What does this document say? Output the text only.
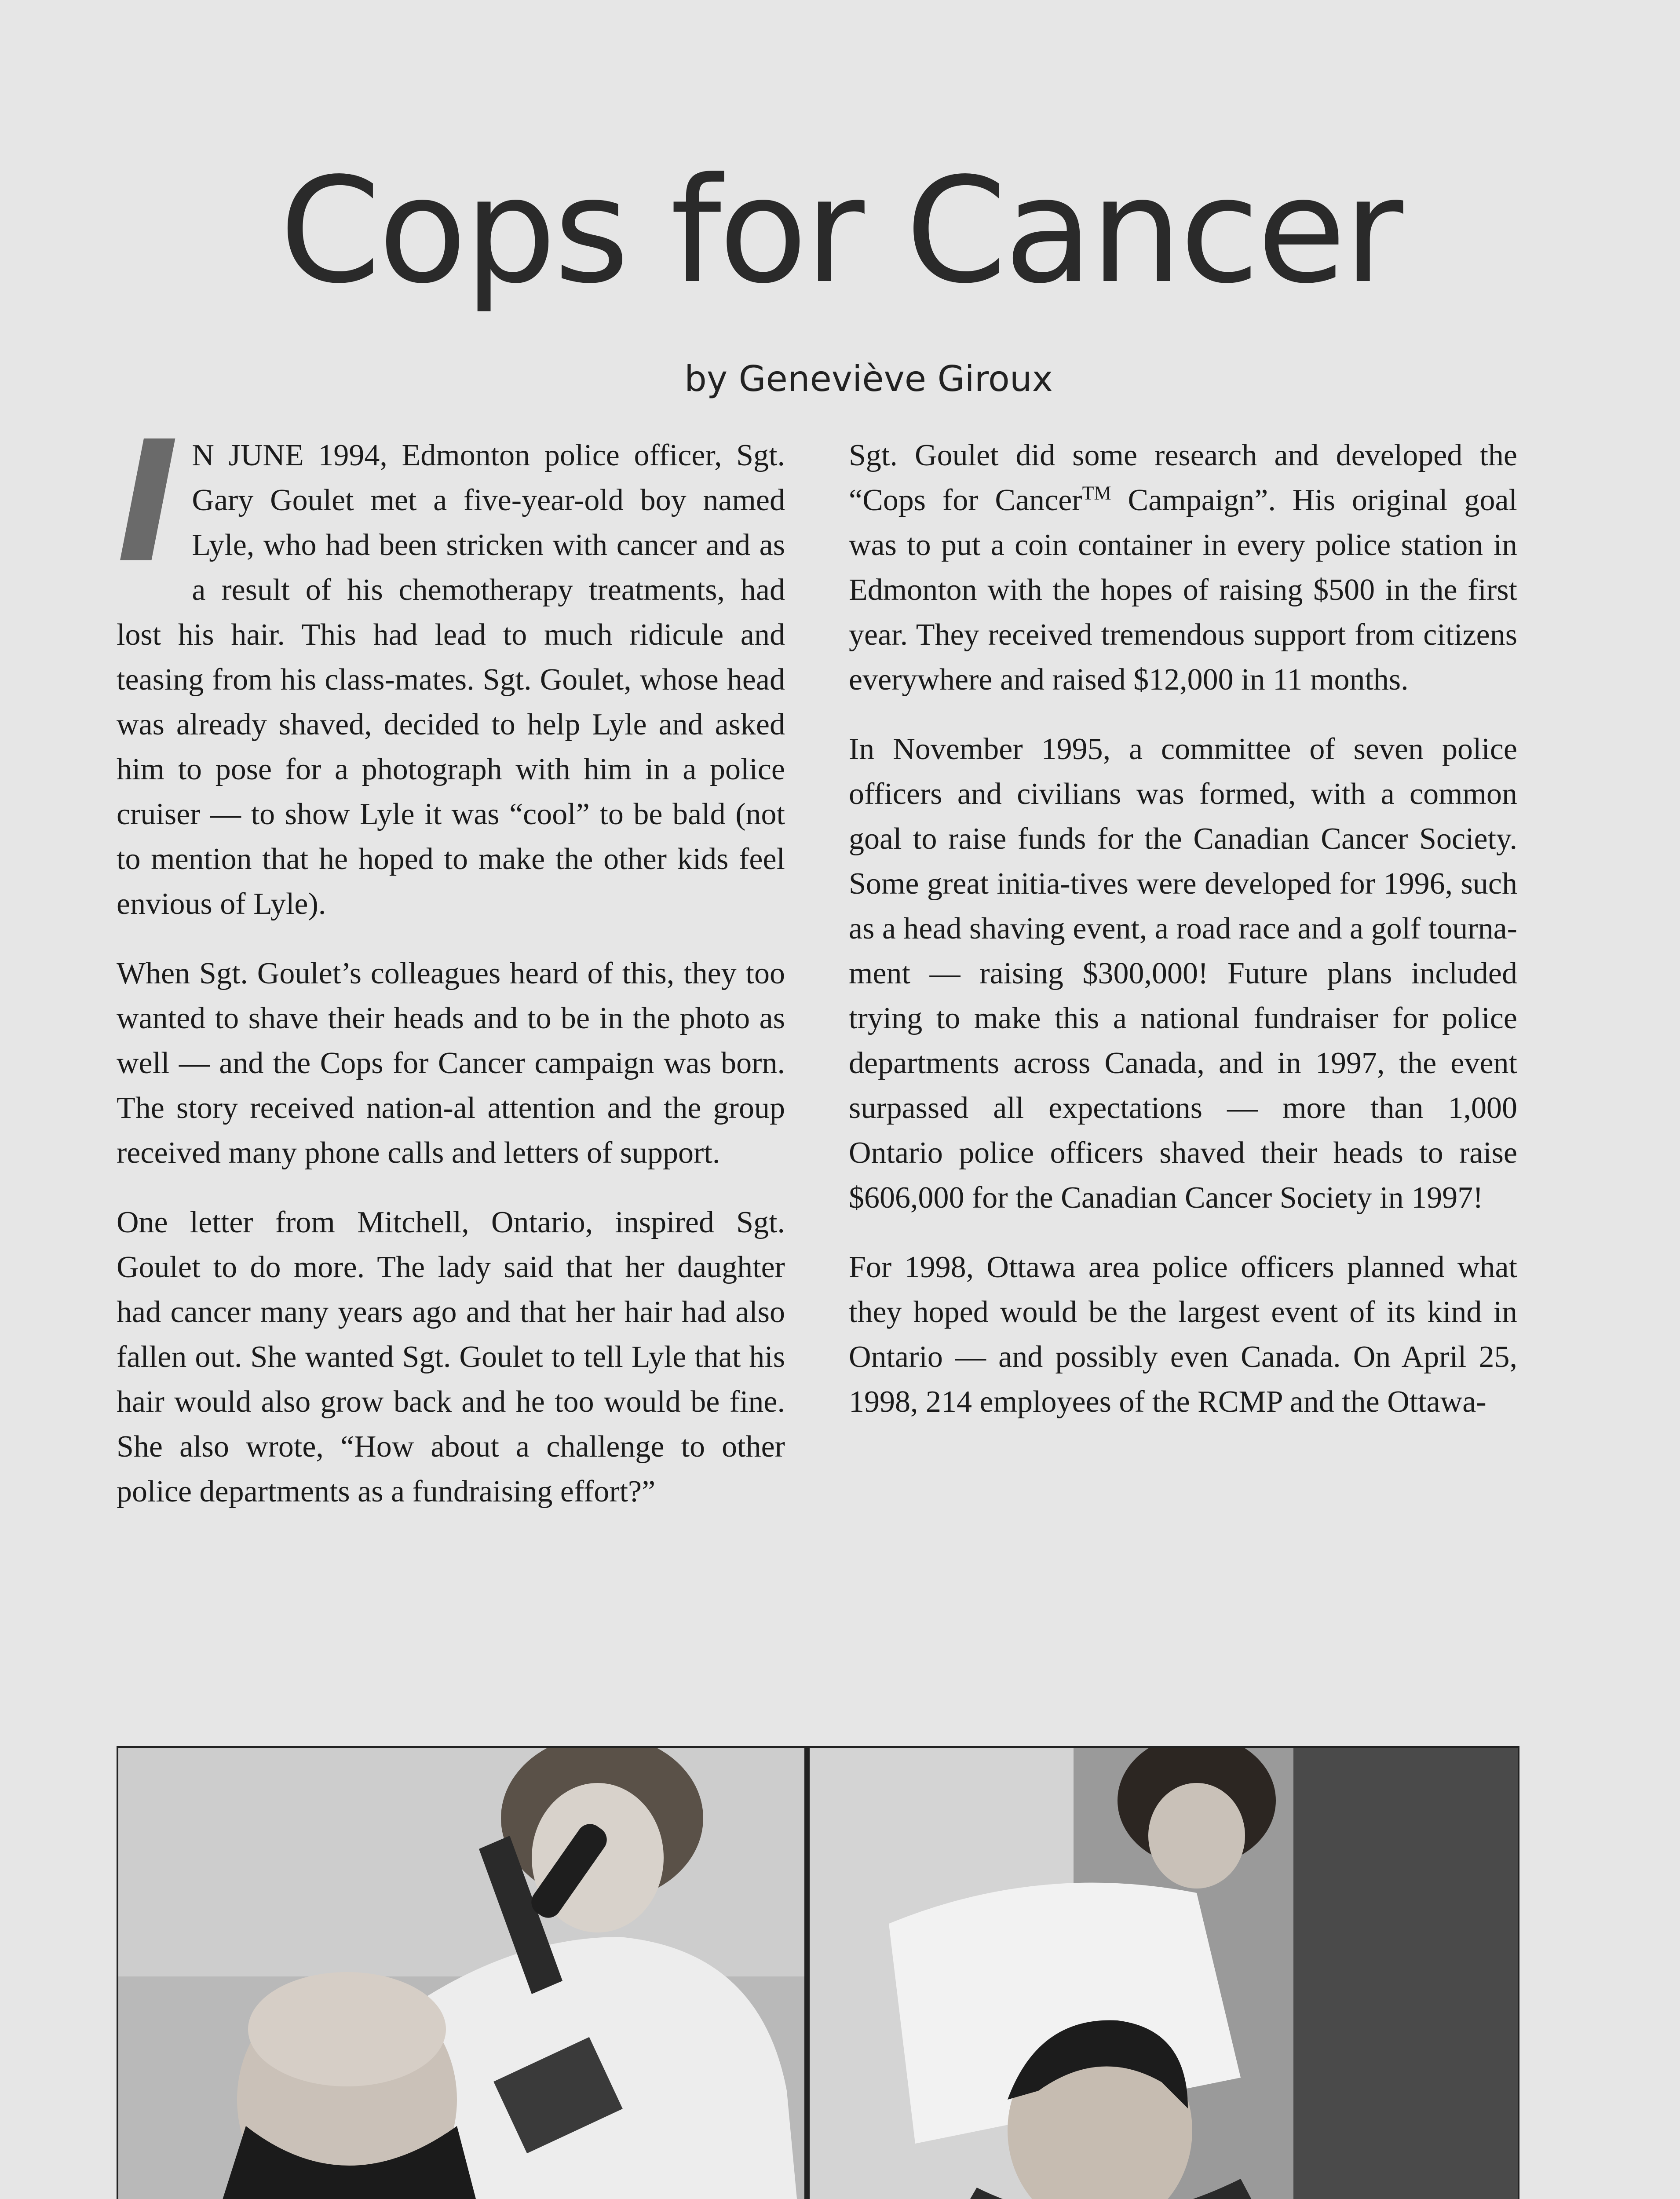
Cops for Cancer
by Geneviève Giroux

I N JUNE 1994, Edmonton police officer, Sgt. Gary Goulet met a five-year-old boy named Lyle, who had been stricken with cancer and as a result of his chemotherapy treatments, had lost his hair. This had lead to much ridicule and teasing from his class-mates. Sgt. Goulet, whose head was already shaved, decided to help Lyle and asked him to pose for a photograph with him in a police cruiser — to show Lyle it was “cool” to be bald (not to mention that he hoped to make the other kids feel envious of Lyle).

When Sgt. Goulet’s colleagues heard of this, they too wanted to shave their heads and to be in the photo as well — and the Cops for Cancer campaign was born. The story received nation-al attention and the group received many phone calls and letters of support.

One letter from Mitchell, Ontario, inspired Sgt. Goulet to do more. The lady said that her daughter had cancer many years ago and that her hair had also fallen out. She wanted Sgt. Goulet to tell Lyle that his hair would also grow back and he too would be fine. She also wrote, “How about a challenge to other police departments as a fundraising effort?”

Sgt. Goulet did some research and developed the “Cops for Cancer™ Campaign”. His original goal was to put a coin container in every police station in Edmonton with the hopes of raising $500 in the first year. They received tremendous support from citizens everywhere and raised $12,000 in 11 months.

In November 1995, a committee of seven police officers and civilians was formed, with a common goal to raise funds for the Canadian Cancer Society. Some great initia-tives were developed for 1996, such as a head shaving event, a road race and a golf tourna-ment — raising $300,000! Future plans included trying to make this a national fundraiser for police departments across Canada, and in 1997, the event surpassed all expectations — more than 1,000 Ontario police officers shaved their heads to raise $606,000 for the Canadian Cancer Society in 1997!

For 1998, Ottawa area police officers planned what they hoped would be the largest event of its kind in Ontario — and possibly even Canada. On April 25, 1998, 214 employees of the RCMP and the Ottawa-
